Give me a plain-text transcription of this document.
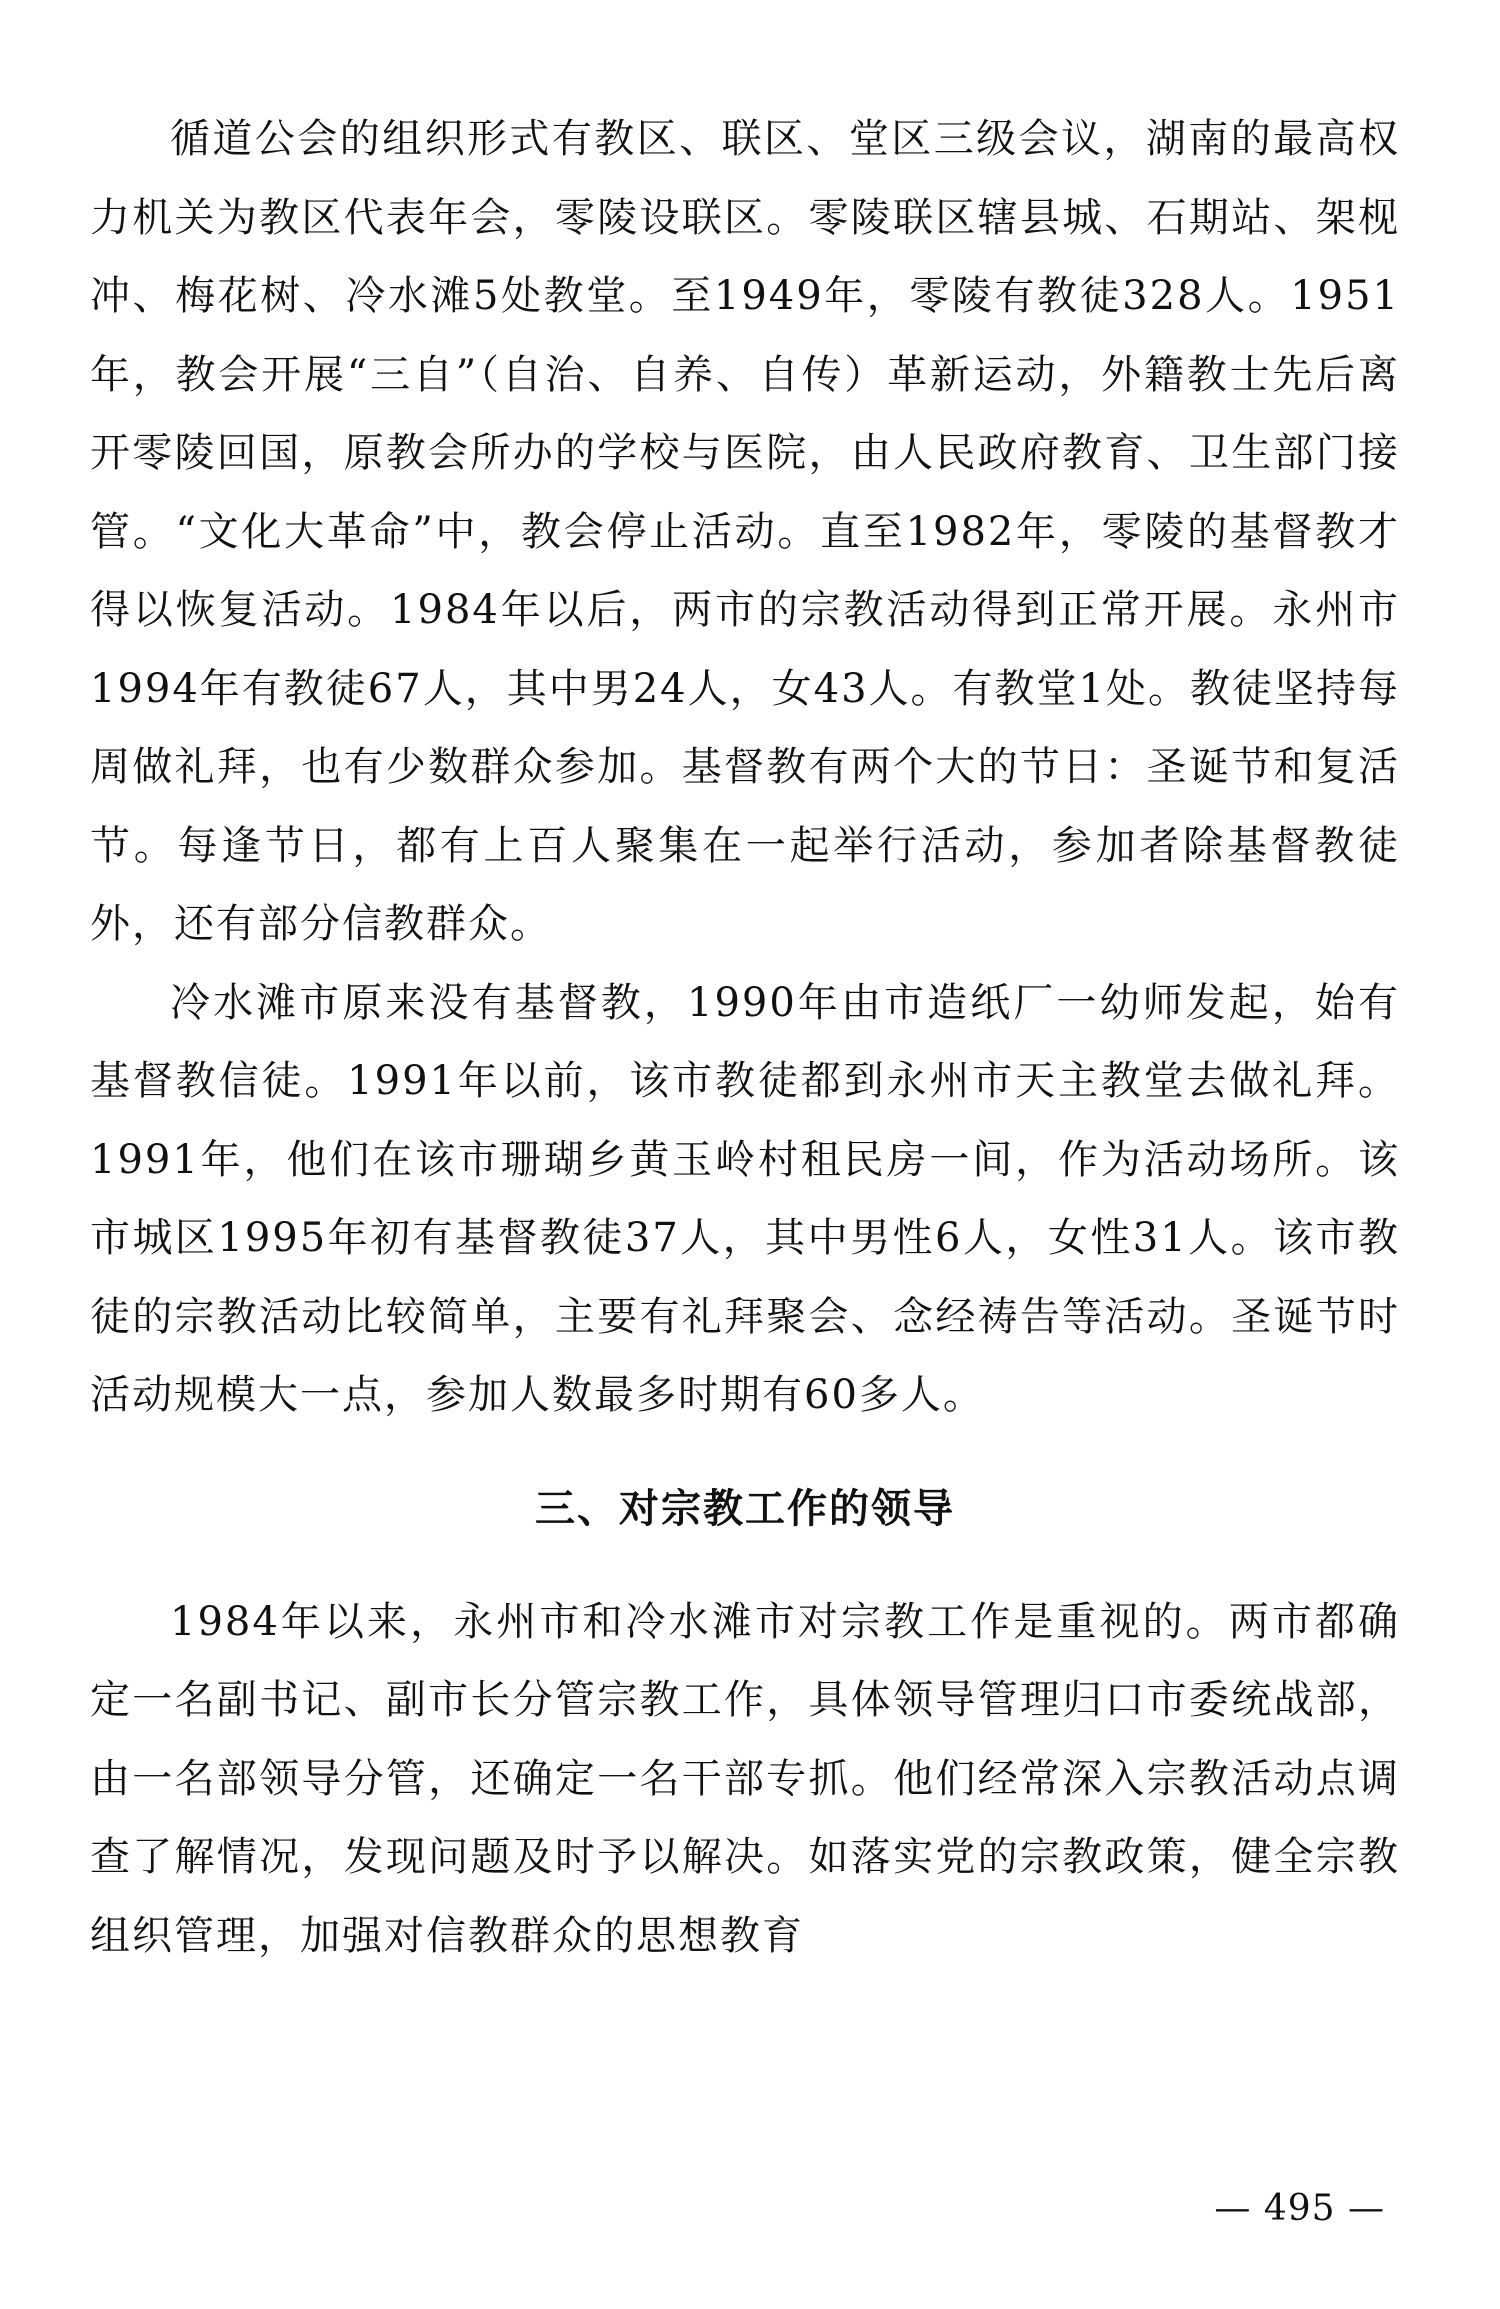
循道公会的组织形式有教区、联区、堂区三级会议，湖南的最高权力机关为教区代表年会，零陵设联区。零陵联区辖县城、石期站、架枧冲、梅花树、冷水滩5处教堂。至1949年，零陵有教徒328人。1951年，教会开展“三自”（自治、自养、自传）革新运动，外籍教士先后离开零陵回国，原教会所办的学校与医院，由人民政府教育、卫生部门接管。“文化大革命”中，教会停止活动。直至1982年，零陵的基督教才得以恢复活动。1984年以后，两市的宗教活动得到正常开展。永州市1994年有教徒67人，其中男24人，女43人。有教堂1处。教徒坚持每周做礼拜，也有少数群众参加。基督教有两个大的节日：圣诞节和复活节。每逢节日，都有上百人聚集在一起举行活动，参加者除基督教徒外，还有部分信教群众。

冷水滩市原来没有基督教，1990年由市造纸厂一幼师发起，始有基督教信徒。1991年以前，该市教徒都到永州市天主教堂去做礼拜。1991年，他们在该市珊瑚乡黄玉岭村租民房一间，作为活动场所。该市城区1995年初有基督教徒37人，其中男性6人，女性31人。该市教徒的宗教活动比较简单，主要有礼拜聚会、念经祷告等活动。圣诞节时活动规模大一点，参加人数最多时期有60多人。

三、对宗教工作的领导

1984年以来，永州市和冷水滩市对宗教工作是重视的。两市都确定一名副书记、副市长分管宗教工作，具体领导管理归口市委统战部，由一名部领导分管，还确定一名干部专抓。他们经常深入宗教活动点调查了解情况，发现问题及时予以解决。如落实党的宗教政策，健全宗教组织管理，加强对信教群众的思想教育

— 495 —
